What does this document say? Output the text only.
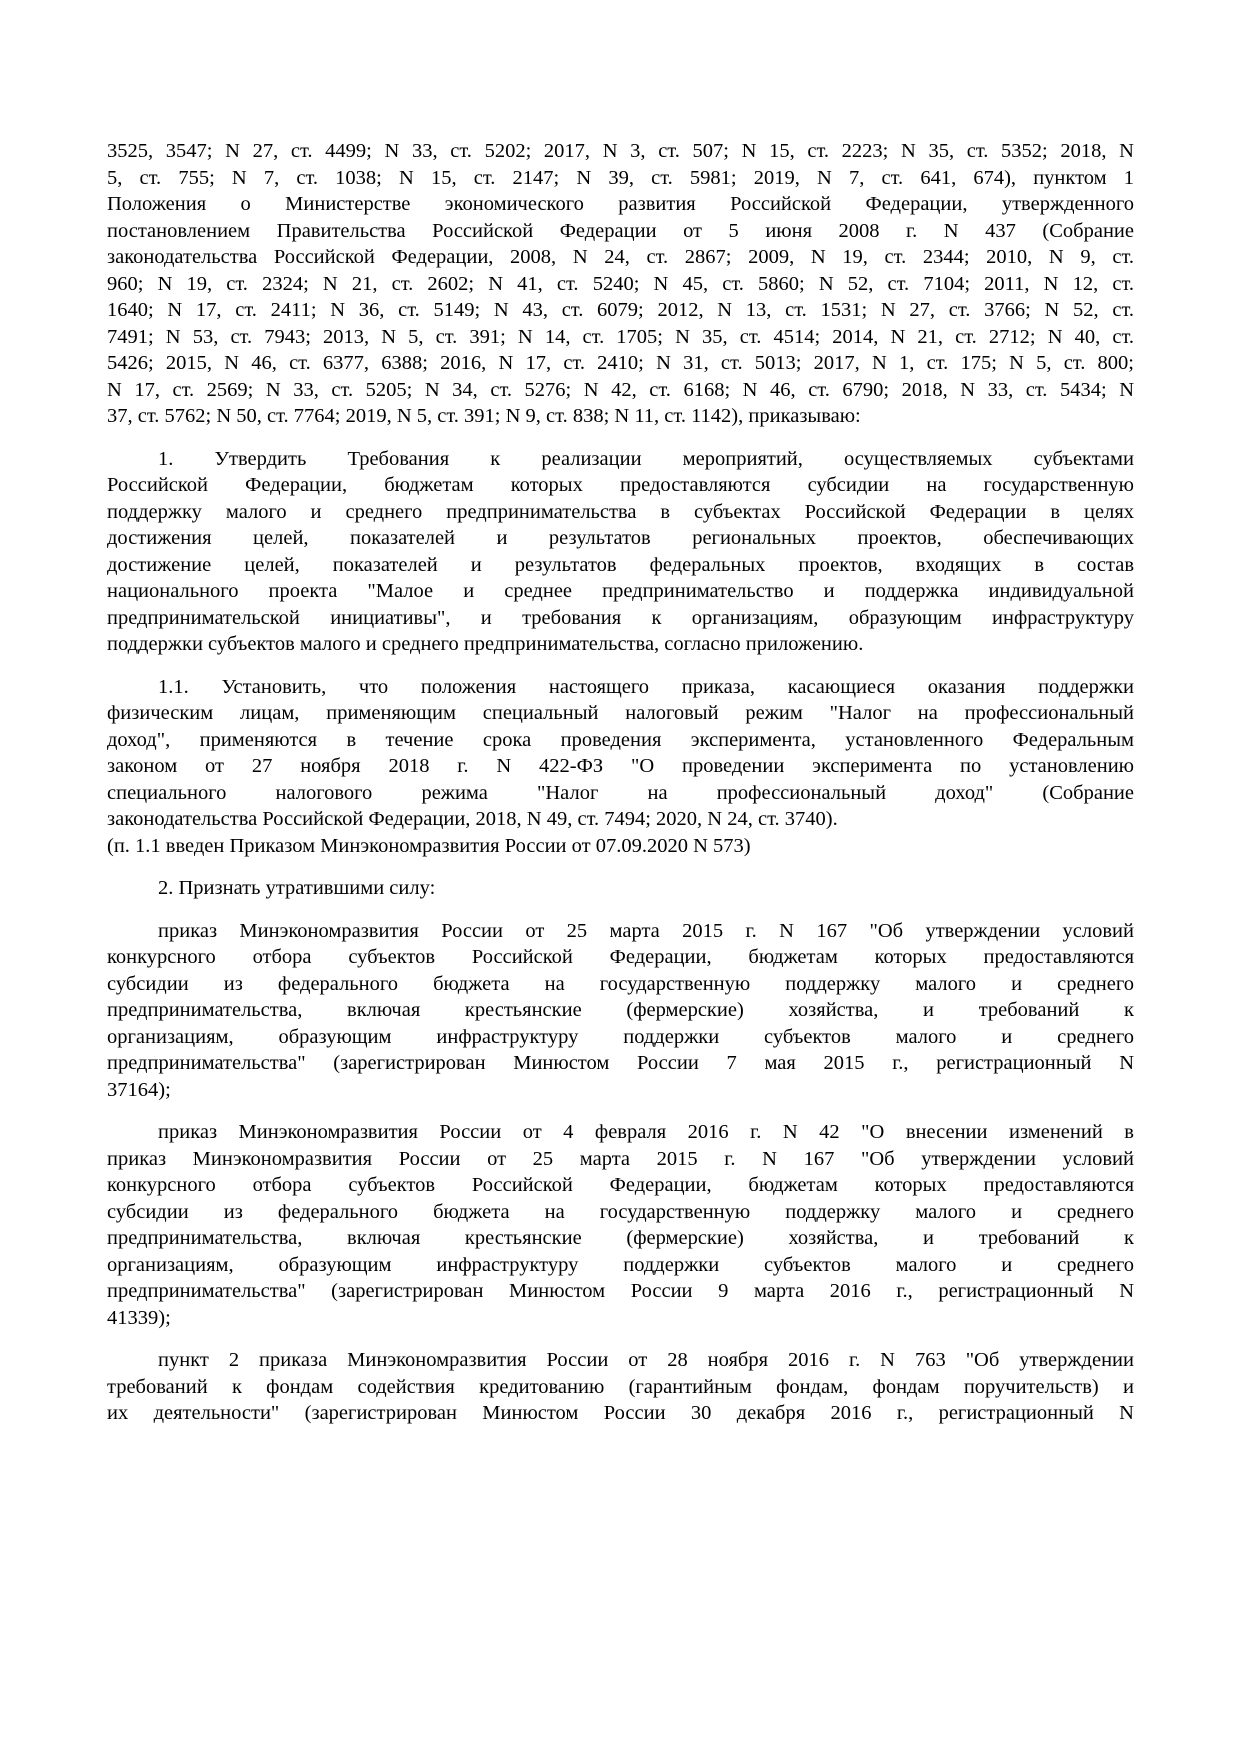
3525, 3547; N 27, ст. 4499; N 33, ст. 5202; 2017, N 3, ст. 507; N 15, ст. 2223; N 35, ст. 5352; 2018, N
5, ст. 755; N 7, ст. 1038; N 15, ст. 2147; N 39, ст. 5981; 2019, N 7, ст. 641, 674), пунктом 1
Положения о Министерстве экономического развития Российской Федерации, утвержденного
постановлением Правительства Российской Федерации от 5 июня 2008 г. N 437 (Собрание
законодательства Российской Федерации, 2008, N 24, ст. 2867; 2009, N 19, ст. 2344; 2010, N 9, ст.
960; N 19, ст. 2324; N 21, ст. 2602; N 41, ст. 5240; N 45, ст. 5860; N 52, ст. 7104; 2011, N 12, ст.
1640; N 17, ст. 2411; N 36, ст. 5149; N 43, ст. 6079; 2012, N 13, ст. 1531; N 27, ст. 3766; N 52, ст.
7491; N 53, ст. 7943; 2013, N 5, ст. 391; N 14, ст. 1705; N 35, ст. 4514; 2014, N 21, ст. 2712; N 40, ст.
5426; 2015, N 46, ст. 6377, 6388; 2016, N 17, ст. 2410; N 31, ст. 5013; 2017, N 1, ст. 175; N 5, ст. 800;
N 17, ст. 2569; N 33, ст. 5205; N 34, ст. 5276; N 42, ст. 6168; N 46, ст. 6790; 2018, N 33, ст. 5434; N
37, ст. 5762; N 50, ст. 7764; 2019, N 5, ст. 391; N 9, ст. 838; N 11, ст. 1142), приказываю:
1. Утвердить Требования к реализации мероприятий, осуществляемых субъектами
Российской Федерации, бюджетам которых предоставляются субсидии на государственную
поддержку малого и среднего предпринимательства в субъектах Российской Федерации в целях
достижения целей, показателей и результатов региональных проектов, обеспечивающих
достижение целей, показателей и результатов федеральных проектов, входящих в состав
национального проекта "Малое и среднее предпринимательство и поддержка индивидуальной
предпринимательской инициативы", и требования к организациям, образующим инфраструктуру
поддержки субъектов малого и среднего предпринимательства, согласно приложению.
1.1. Установить, что положения настоящего приказа, касающиеся оказания поддержки
физическим лицам, применяющим специальный налоговый режим "Налог на профессиональный
доход", применяются в течение срока проведения эксперимента, установленного Федеральным
законом от 27 ноября 2018 г. N 422-ФЗ "О проведении эксперимента по установлению
специального налогового режима "Налог на профессиональный доход" (Собрание
законодательства Российской Федерации, 2018, N 49, ст. 7494; 2020, N 24, ст. 3740).
(п. 1.1 введен Приказом Минэкономразвития России от 07.09.2020 N 573)
2. Признать утратившими силу:
приказ Минэкономразвития России от 25 марта 2015 г. N 167 "Об утверждении условий
конкурсного отбора субъектов Российской Федерации, бюджетам которых предоставляются
субсидии из федерального бюджета на государственную поддержку малого и среднего
предпринимательства, включая крестьянские (фермерские) хозяйства, и требований к
организациям, образующим инфраструктуру поддержки субъектов малого и среднего
предпринимательства" (зарегистрирован Минюстом России 7 мая 2015 г., регистрационный N
37164);
приказ Минэкономразвития России от 4 февраля 2016 г. N 42 "О внесении изменений в
приказ Минэкономразвития России от 25 марта 2015 г. N 167 "Об утверждении условий
конкурсного отбора субъектов Российской Федерации, бюджетам которых предоставляются
субсидии из федерального бюджета на государственную поддержку малого и среднего
предпринимательства, включая крестьянские (фермерские) хозяйства, и требований к
организациям, образующим инфраструктуру поддержки субъектов малого и среднего
предпринимательства" (зарегистрирован Минюстом России 9 марта 2016 г., регистрационный N
41339);
пункт 2 приказа Минэкономразвития России от 28 ноября 2016 г. N 763 "Об утверждении
требований к фондам содействия кредитованию (гарантийным фондам, фондам поручительств) и
их деятельности" (зарегистрирован Минюстом России 30 декабря 2016 г., регистрационный N
